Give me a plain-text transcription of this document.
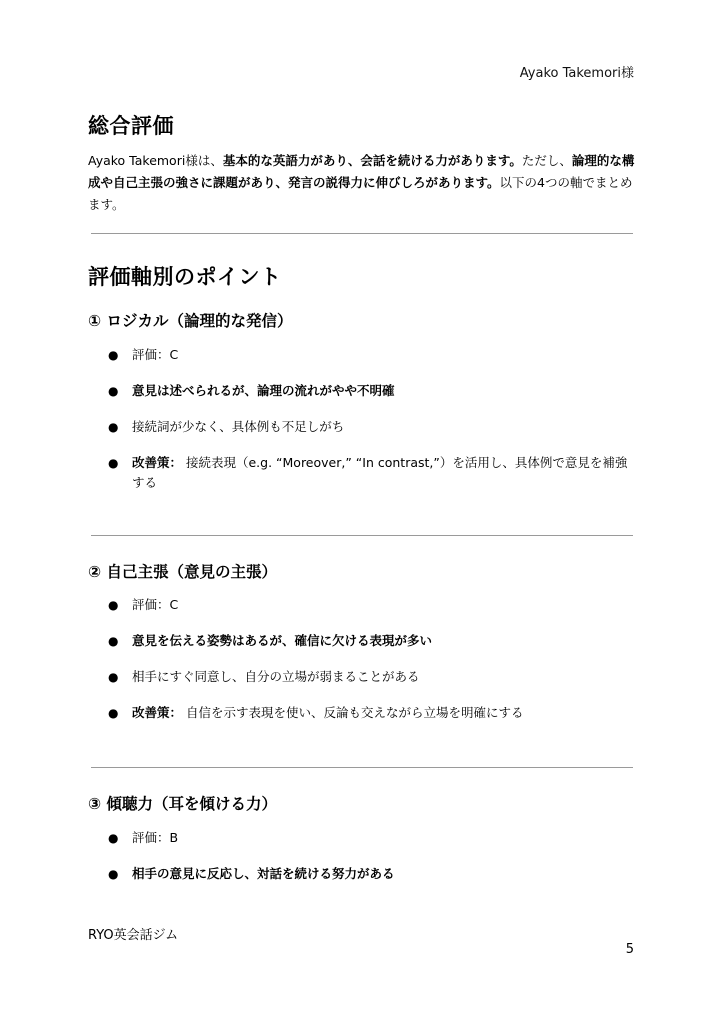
Ayako Takemori様
総合評価
Ayako Takemori様は、基本的な英語力があり、会話を続ける力があります。ただし、論理的な構成や自己主張の強さに課題があり、発言の説得力に伸びしろがあります。以下の4つの軸でまとめます。
評価軸別のポイント
① ロジカル（論理的な発信）
● 評価：C
● 意見は述べられるが、論理の流れがやや不明確
● 接続詞が少なく、具体例も不足しがち
● 改善策： 接続表現（e.g. “Moreover,” “In contrast,”）を活用し、具体例で意見を補強する
② 自己主張（意見の主張）
● 評価：C
● 意見を伝える姿勢はあるが、確信に欠ける表現が多い
● 相手にすぐ同意し、自分の立場が弱まることがある
● 改善策： 自信を示す表現を使い、反論も交えながら立場を明確にする
③ 傾聴力（耳を傾ける力）
● 評価：B
● 相手の意見に反応し、対話を続ける努力がある
RYO英会話ジム
5
